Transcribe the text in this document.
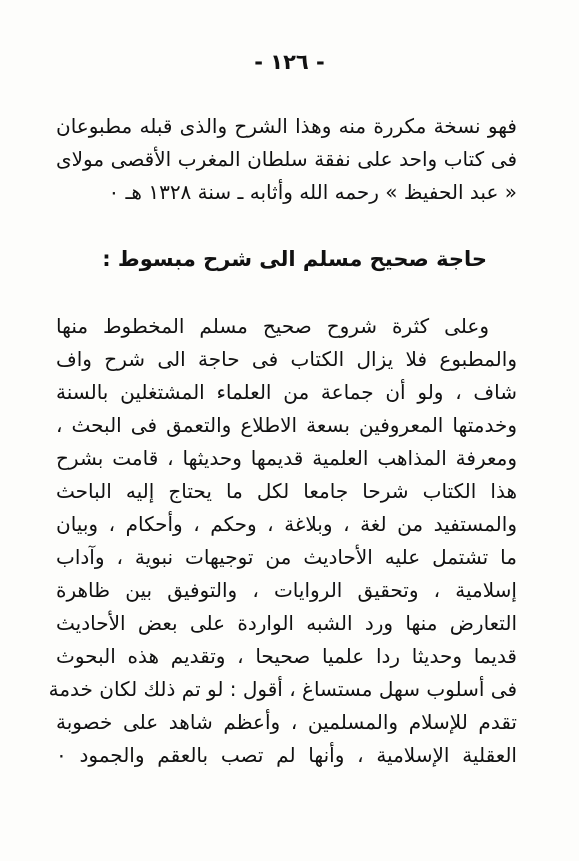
- ١٢٦ -
فهو نسخة مكررة منه وهذا الشرح والذى قبله مطبوعان
فى كتاب واحد على نفقة سلطان المغرب الأقصى مولاى
« عبد الحفيظ » رحمه الله وأثابه ـ سنة ١٣٢٨ هـ ٠
حاجة صحيح مسلم الى شرح مبسوط :
وعلى كثرة شروح صحيح مسلم المخطوط منها
والمطبوع فلا يزال الكتاب فى حاجة الى شرح واف
شاف ، ولو أن جماعة من العلماء المشتغلين بالسنة
وخدمتها المعروفين بسعة الاطلاع والتعمق فى البحث ،
ومعرفة المذاهب العلمية قديمها وحديثها ، قامت بشرح
هذا الكتاب شرحا جامعا لكل ما يحتاج إليه الباحث
والمستفيد من لغة ، وبلاغة ، وحكم ، وأحكام ، وبيان
ما تشتمل عليه الأحاديث من توجيهات نبوية ، وآداب
إسلامية ، وتحقيق الروايات ، والتوفيق بين ظاهرة
التعارض منها ورد الشبه الواردة على بعض الأحاديث
قديما وحديثا ردا علميا صحيحا ، وتقديم هذه البحوث
فى أسلوب سهل مستساغ ، أقول : لو تم ذلك لكان خدمة
تقدم للإسلام والمسلمين ، وأعظم شاهد على خصوبة
العقلية الإسلامية ، وأنها لم تصب بالعقم والجمود ٠
